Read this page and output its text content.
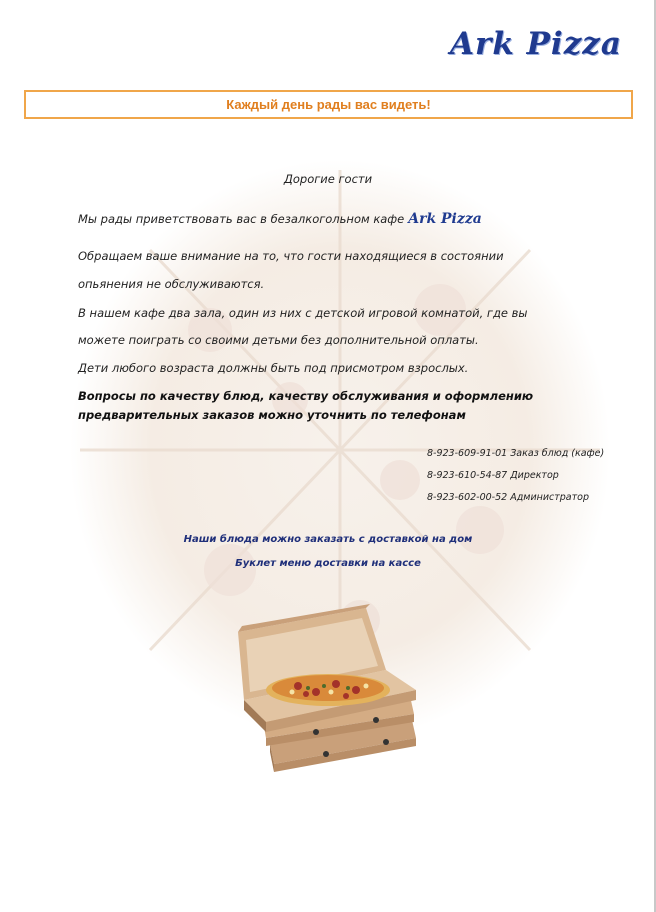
Ark Pizza
Каждый день рады вас видеть!
Дорогие гости
Мы рады приветствовать вас в безалкогольном кафе Ark Pizza
Обращаем ваше внимание на то, что гости находящиеся в состоянии
опьянения не обслуживаются.
В нашем кафе два зала, один из них с детской игровой комнатой, где вы
можете поиграть со своими детьми без дополнительной оплаты.
Дети любого возраста должны быть под присмотром взрослых.
Вопросы по качеству блюд, качеству обслуживания и оформлению
предварительных заказов можно уточнить по телефонам
8-923-609-91-01 Заказ блюд (кафе)
8-923-610-54-87 Директор
8-923-602-00-52 Администратор
Наши блюда можно заказать с доставкой на дом
Буклет меню доставки на кассе
